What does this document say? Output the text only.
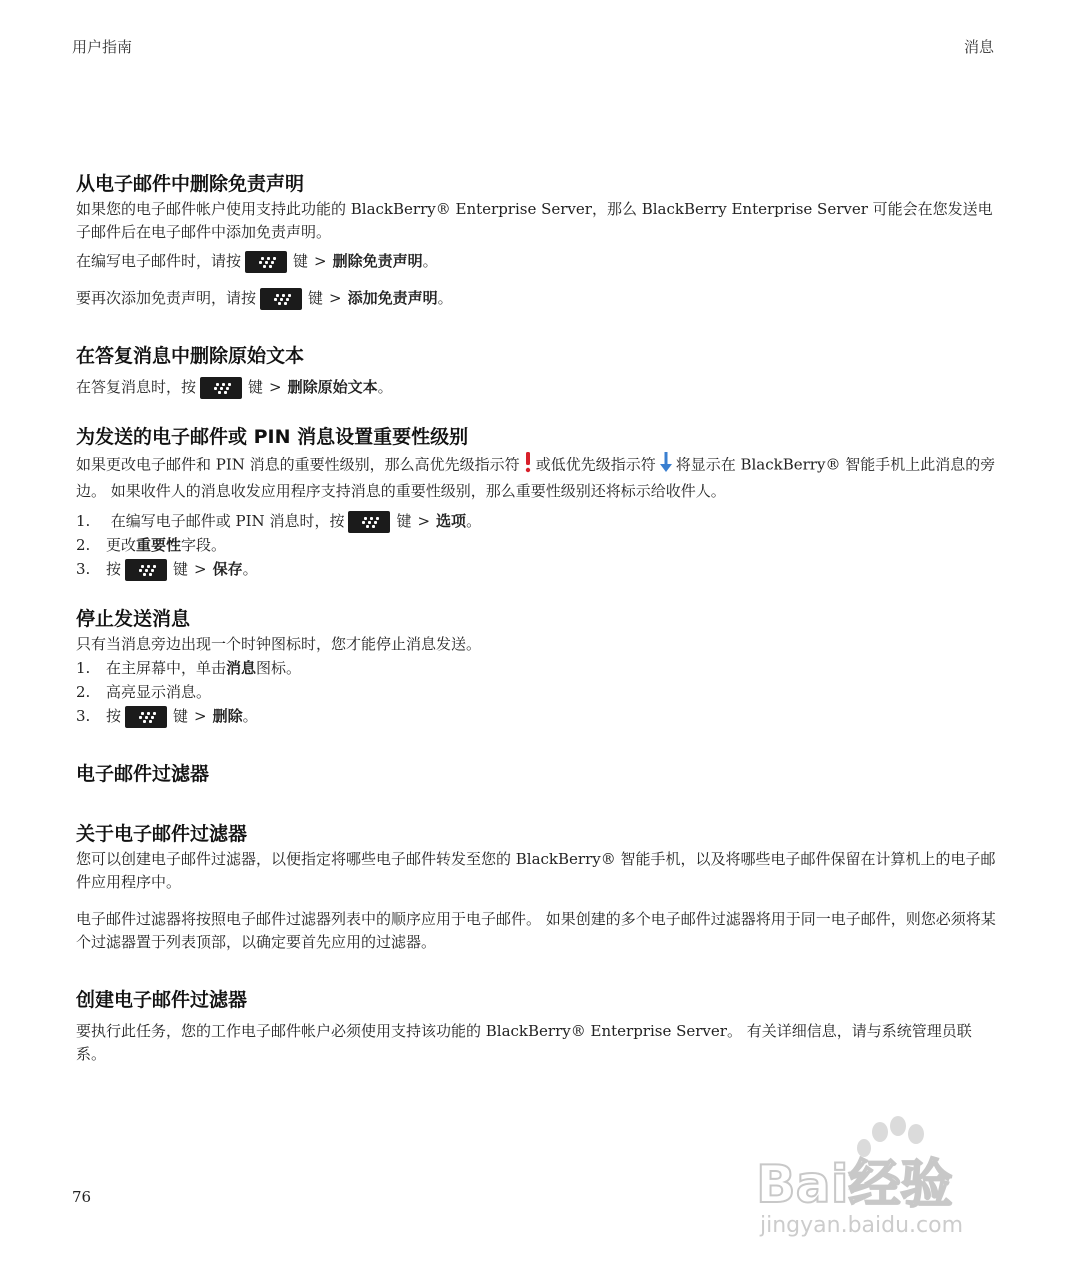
用户指南	消息
从电子邮件中删除免责声明

如果您的电子邮件帐户使用支持此功能的 BlackBerry® Enterprise Server，那么 BlackBerry Enterprise Server 可能会在您发送电子邮件后在电子邮件中添加免责声明。

在编写电子邮件时，请按	键 > 删除免责声明。

要再次添加免责声明，请按	键 > 添加免责声明。

在答复消息中删除原始文本

在答复消息时，按	键 > 删除原始文本。

为发送的电子邮件或 PIN 消息设置重要性级别

如果更改电子邮件和 PIN 消息的重要性级别，那么高优先级指示符 或低优先级指示符 将显示在 BlackBerry® 智能手机上此消息的旁边。 如果收件人的消息收发应用程序支持消息的重要性级别，那么重要性级别还将标示给收件人。

1. 在编写电子邮件或 PIN 消息时，按	键 > 选项。
2. 更改重要性字段。
3. 按	键 > 保存。
停止发送消息

只有当消息旁边出现一个时钟图标时，您才能停止消息发送。

1. 在主屏幕中，单击消息图标。
2. 高亮显示消息。
3. 按	键 > 删除。
电子邮件过滤器
关于电子邮件过滤器

您可以创建电子邮件过滤器，以便指定将哪些电子邮件转发至您的 BlackBerry® 智能手机，以及将哪些电子邮件保留在计算机上的电子邮件应用程序中。

电子邮件过滤器将按照电子邮件过滤器列表中的顺序应用于电子邮件。 如果创建的多个电子邮件过滤器将用于同一电子邮件，则您必须将某个过滤器置于列表顶部，以确定要首先应用的过滤器。

创建电子邮件过滤器

要执行此任务，您的工作电子邮件帐户必须使用支持该功能的 BlackBerry® Enterprise Server。 有关详细信息，请与系统管理员联系。

76	Bai经验
jingyan.baidu.com
